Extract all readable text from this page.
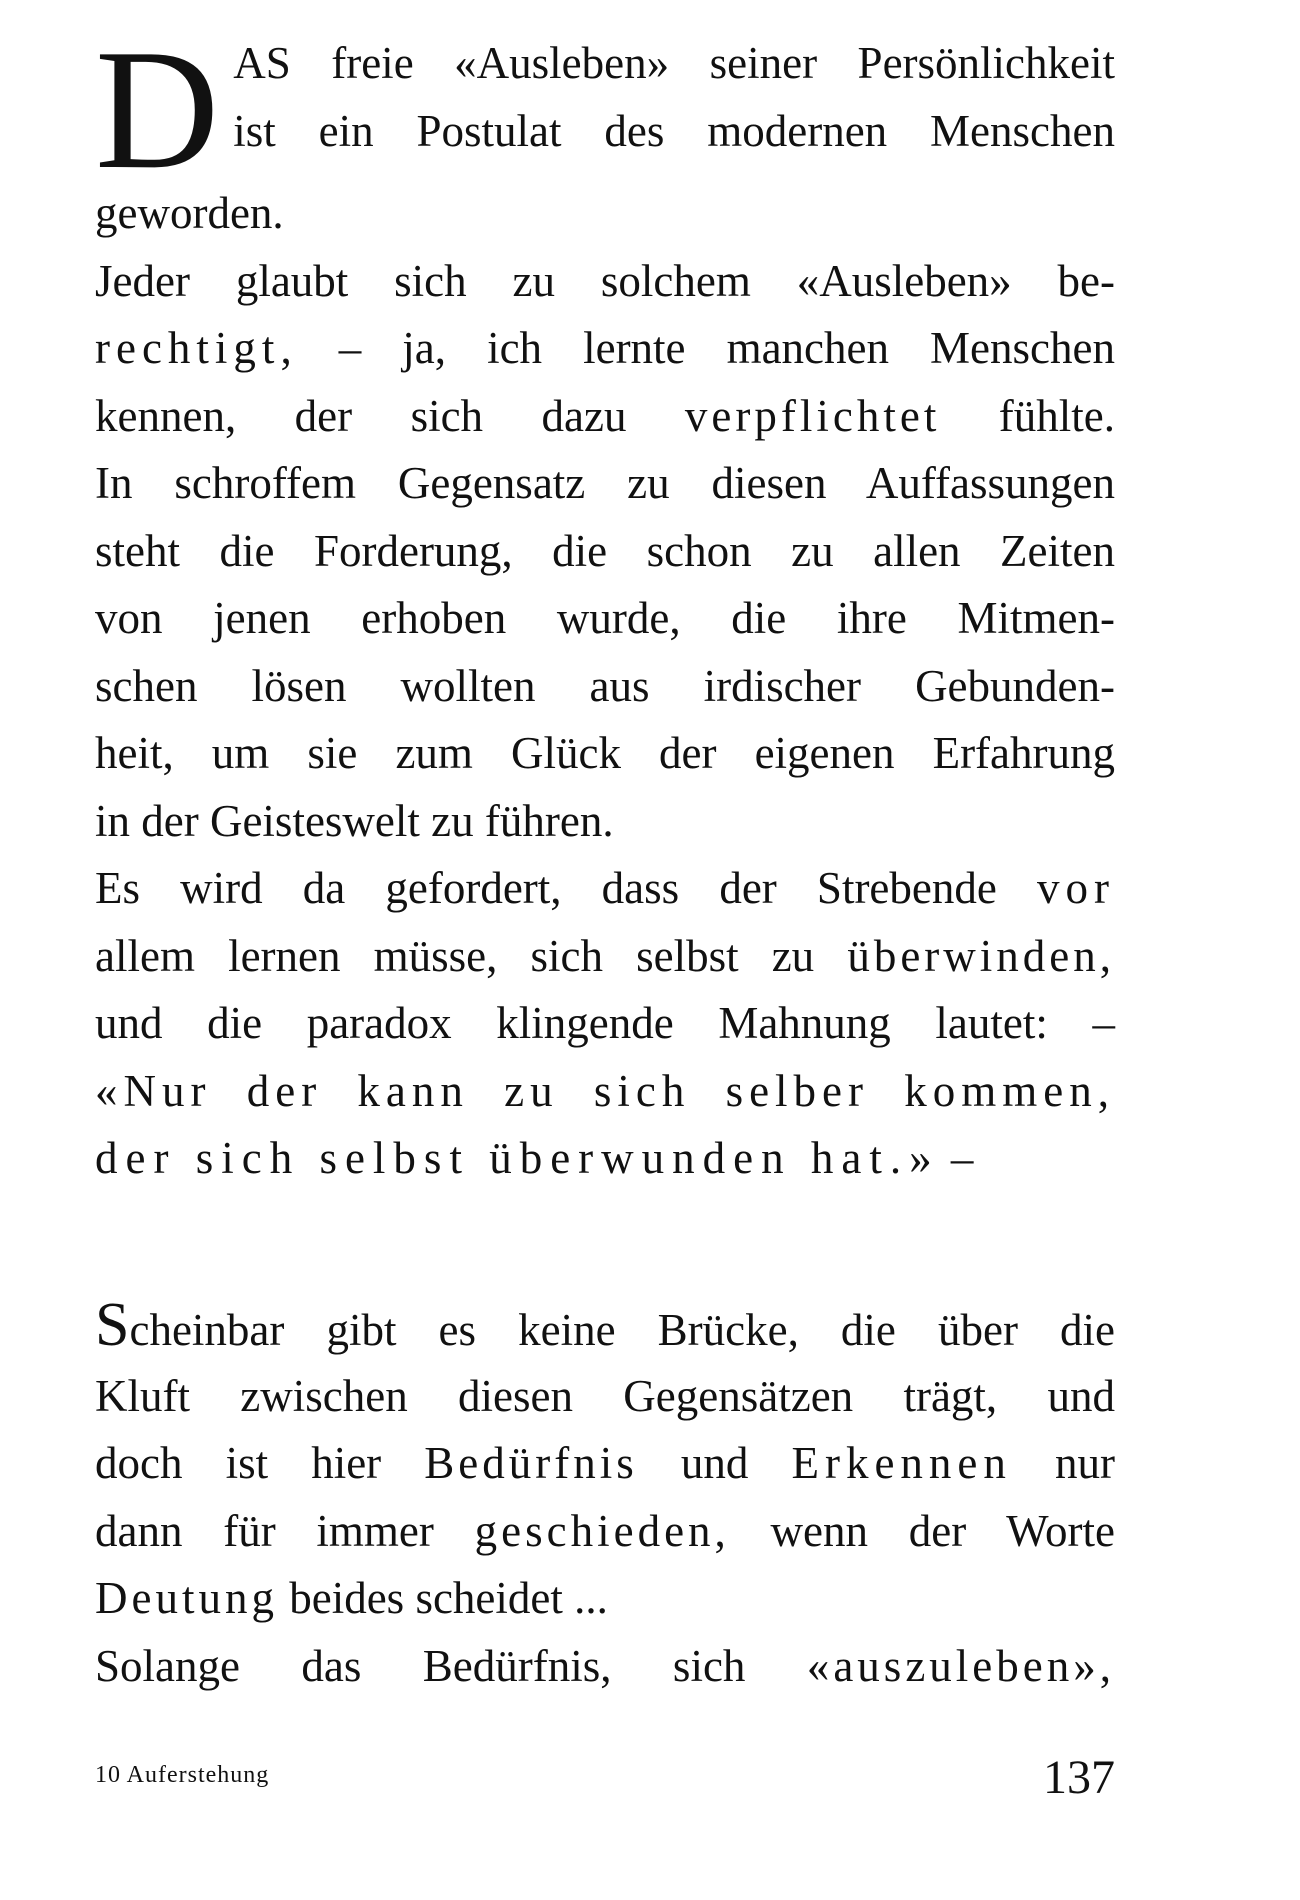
D AS freie «Ausleben» seiner Persönlichkeit
ist ein Postulat des modernen Menschen
geworden.
Jeder glaubt sich zu solchem «Ausleben» be-
rechtigt, – ja, ich lernte manchen Menschen
kennen, der sich dazu verpflichtet fühlte.
In schroffem Gegensatz zu diesen Auffassungen
steht die Forderung, die schon zu allen Zeiten
von jenen erhoben wurde, die ihre Mitmen-
schen lösen wollten aus irdischer Gebunden-
heit, um sie zum Glück der eigenen Erfahrung
in der Geisteswelt zu führen.
Es wird da gefordert, dass der Strebende vor
allem lernen müsse, sich selbst zu überwinden,
und die paradox klingende Mahnung lautet: –
«Nur der kann zu sich selber kommen,
der sich selbst überwunden hat.» –
Scheinbar gibt es keine Brücke, die über die
Kluft zwischen diesen Gegensätzen trägt, und
doch ist hier Bedürfnis und Erkennen nur
dann für immer geschieden, wenn der Worte
Deutung beides scheidet ...
Solange das Bedürfnis, sich «auszuleben»,
10 Auferstehung	137
